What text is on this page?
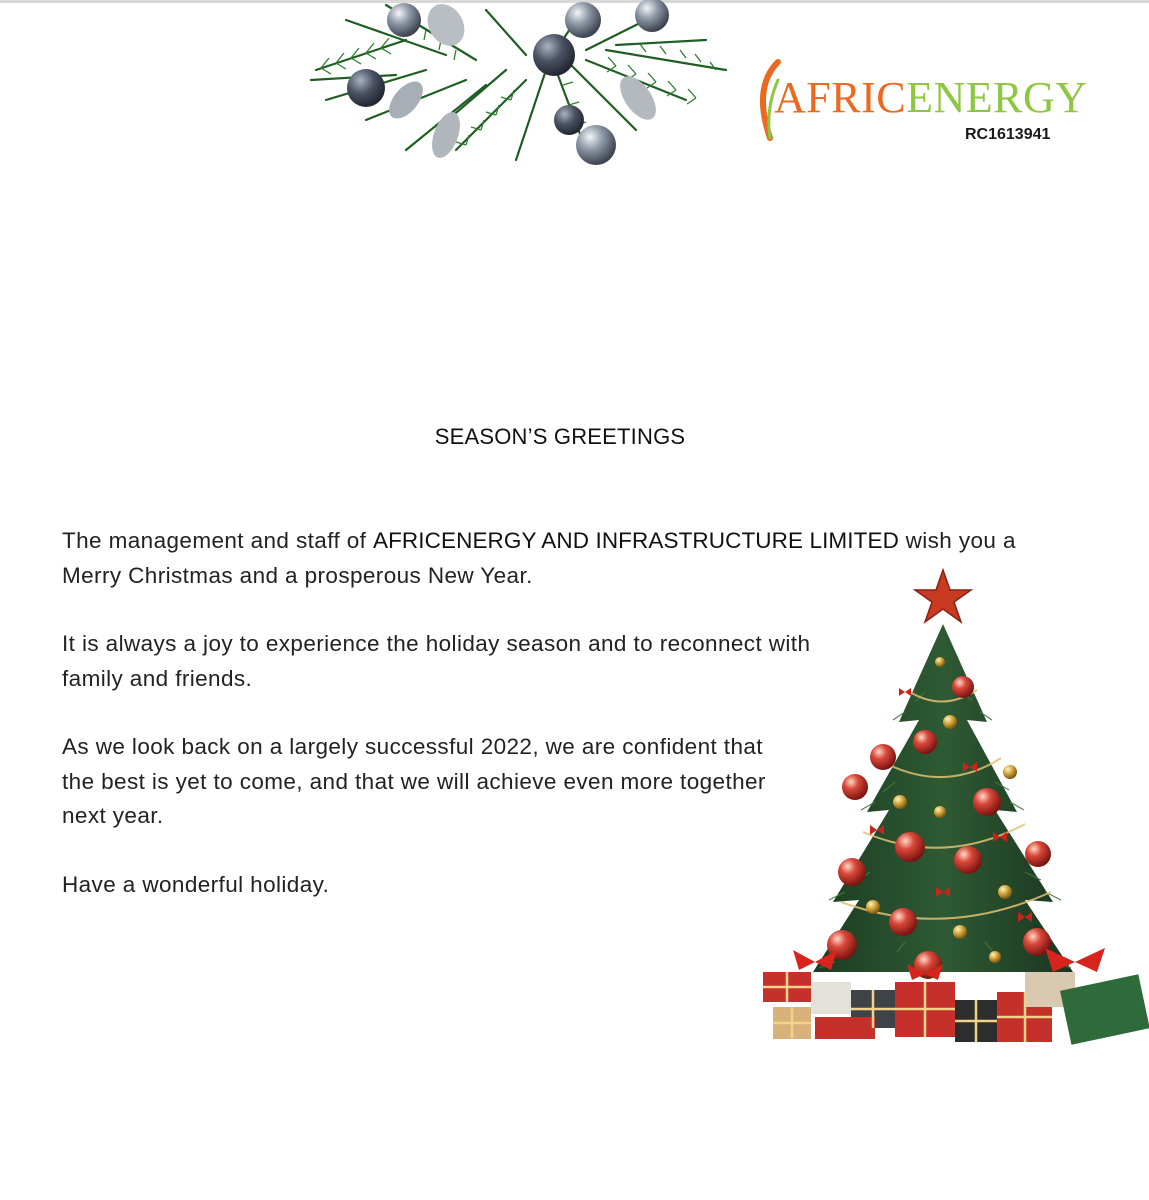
AFRICENERGY
RC1613941
SEASON’S GREETINGS

The management and staff of AFRICENERGY AND INFRASTRUCTURE LIMITED wish you a
Merry Christmas and a prosperous New Year.

It is always a joy to experience the holiday season and to reconnect with
family and friends.

As we look back on a largely successful 2022, we are confident that
the best is yet to come, and that we will achieve even more together
next year.

Have a wonderful holiday.
